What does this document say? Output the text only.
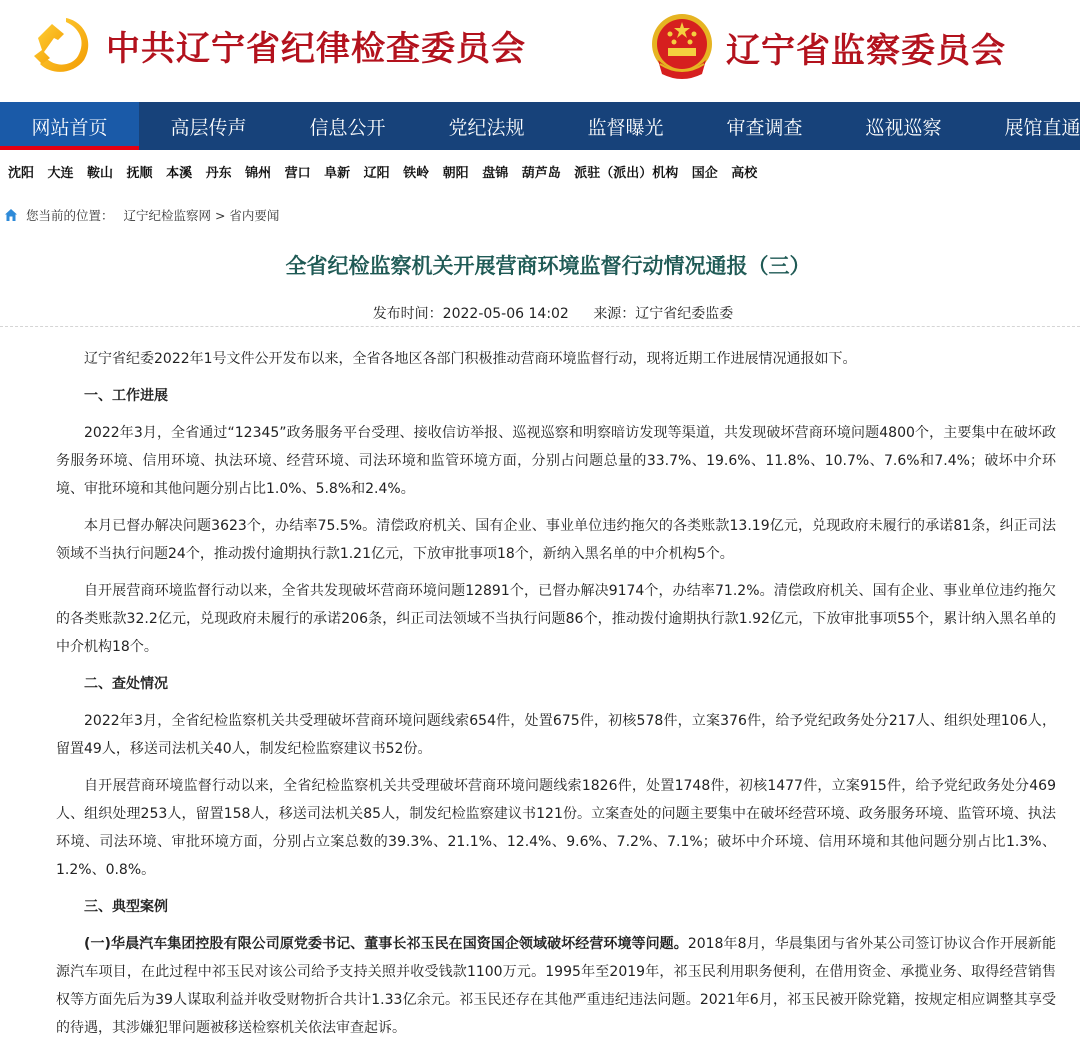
中共辽宁省纪律检查委员会	辽宁省监察委员会
网站首页	高层传声	信息公开	党纪法规	监督曝光	审查调查	巡视巡察	展馆直通
沈阳 大连 鞍山 抚顺 本溪 丹东 锦州 营口 阜新 辽阳 铁岭 朝阳 盘锦 葫芦岛 派驻（派出）机构 国企 高校
您当前的位置： 辽宁纪检监察网 > 省内要闻
全省纪检监察机关开展营商环境监督行动情况通报（三）
发布时间：2022-05-06 14:02 来源：辽宁省纪委监委

辽宁省纪委2022年1号文件公开发布以来，全省各地区各部门积极推动营商环境监督行动，现将近期工作进展情况通报如下。

一、工作进展

2022年3月，全省通过“12345”政务服务平台受理、接收信访举报、巡视巡察和明察暗访发现等渠道，共发现破坏营商环境问题4800个，主要集中在破坏政务服务环境、信用环境、执法环境、经营环境、司法环境和监管环境方面，分别占问题总量的33.7%、19.6%、11.8%、10.7%、7.6%和7.4%；破坏中介环境、审批环境和其他问题分别占比1.0%、5.8%和2.4%。

本月已督办解决问题3623个，办结率75.5%。清偿政府机关、国有企业、事业单位违约拖欠的各类账款13.19亿元，兑现政府未履行的承诺81条，纠正司法领域不当执行问题24个，推动拨付逾期执行款1.21亿元，下放审批事项18个，新纳入黑名单的中介机构5个。

自开展营商环境监督行动以来，全省共发现破坏营商环境问题12891个，已督办解决9174个，办结率71.2%。清偿政府机关、国有企业、事业单位违约拖欠的各类账款32.2亿元，兑现政府未履行的承诺206条，纠正司法领域不当执行问题86个，推动拨付逾期执行款1.92亿元，下放审批事项55个，累计纳入黑名单的中介机构18个。

二、查处情况

2022年3月，全省纪检监察机关共受理破坏营商环境问题线索654件，处置675件，初核578件，立案376件，给予党纪政务处分217人、组织处理106人，留置49人，移送司法机关40人，制发纪检监察建议书52份。

自开展营商环境监督行动以来，全省纪检监察机关共受理破坏营商环境问题线索1826件，处置1748件，初核1477件，立案915件，给予党纪政务处分469人、组织处理253人，留置158人，移送司法机关85人，制发纪检监察建议书121份。立案查处的问题主要集中在破坏经营环境、政务服务环境、监管环境、执法环境、司法环境、审批环境方面，分别占立案总数的39.3%、21.1%、12.4%、9.6%、7.2%、7.1%；破坏中介环境、信用环境和其他问题分别占比1.3%、1.2%、0.8%。

三、典型案例

(一)华晨汽车集团控股有限公司原党委书记、董事长祁玉民在国资国企领域破坏经营环境等问题。2018年8月，华晨集团与省外某公司签订协议合作开展新能源汽车项目，在此过程中祁玉民对该公司给予支持关照并收受钱款1100万元。1995年至2019年，祁玉民利用职务便利，在借用资金、承揽业务、取得经营销售权等方面先后为39人谋取利益并收受财物折合共计1.33亿余元。祁玉民还存在其他严重违纪违法问题。2021年6月，祁玉民被开除党籍，按规定相应调整其享受的待遇，其涉嫌犯罪问题被移送检察机关依法审查起诉。
